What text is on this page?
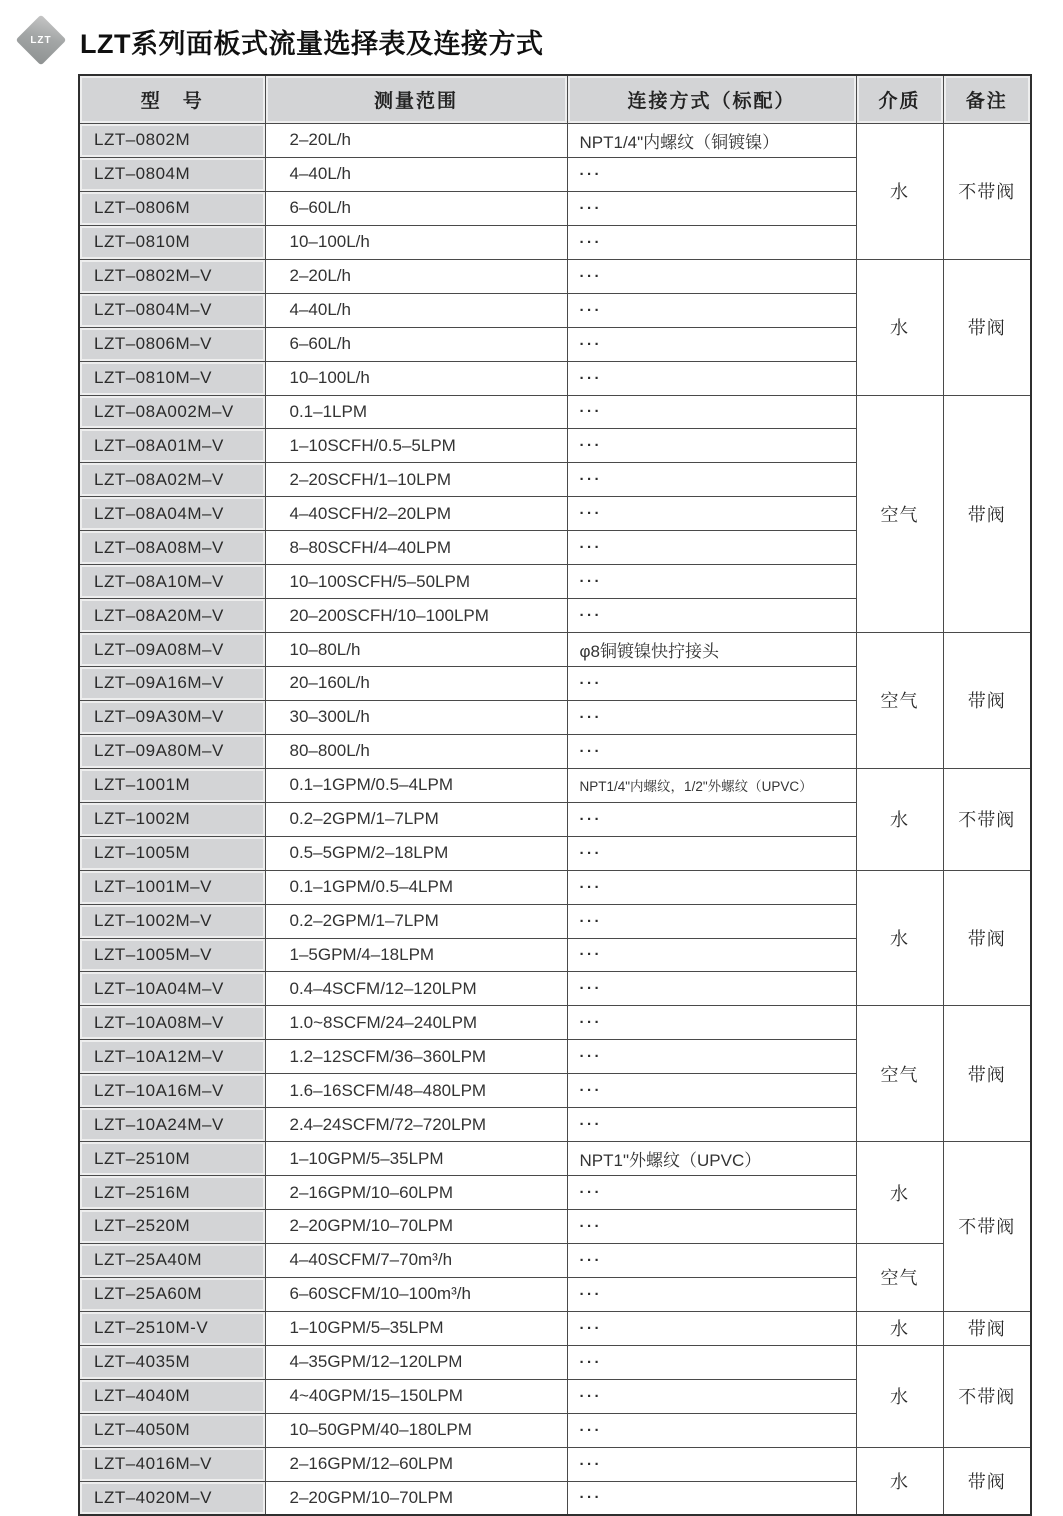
LZT	LZT系列面板式流量选择表及连接方式
型　号	测量范围	连接方式（标配）	介质	备注
LZT–0802M	2–20L/h	NPT1/4"内螺纹（铜镀镍）	水	不带阀
LZT–0804M	4–40L/h	···		
LZT–0806M	6–60L/h	···		
LZT–0810M	10–100L/h	···		
LZT–0802M–V	2–20L/h	···	水	带阀
LZT–0804M–V	4–40L/h	···		
LZT–0806M–V	6–60L/h	···		
LZT–0810M–V	10–100L/h	···		
LZT–08A002M–V	0.1–1LPM	···	空气	带阀
LZT–08A01M–V	1–10SCFH/0.5–5LPM	···		
LZT–08A02M–V	2–20SCFH/1–10LPM	···		
LZT–08A04M–V	4–40SCFH/2–20LPM	···		
LZT–08A08M–V	8–80SCFH/4–40LPM	···		
LZT–08A10M–V	10–100SCFH/5–50LPM	···		
LZT–08A20M–V	20–200SCFH/10–100LPM	···		
LZT–09A08M–V	10–80L/h	φ8铜镀镍快拧接头	空气	带阀
LZT–09A16M–V	20–160L/h	···		
LZT–09A30M–V	30–300L/h	···		
LZT–09A80M–V	80–800L/h	···		
LZT–1001M	0.1–1GPM/0.5–4LPM	NPT1/4"内螺纹，1/2"外螺纹（UPVC）	水	不带阀
LZT–1002M	0.2–2GPM/1–7LPM	···		
LZT–1005M	0.5–5GPM/2–18LPM	···		
LZT–1001M–V	0.1–1GPM/0.5–4LPM	···	水	带阀
LZT–1002M–V	0.2–2GPM/1–7LPM	···		
LZT–1005M–V	1–5GPM/4–18LPM	···		
LZT–10A04M–V	0.4–4SCFM/12–120LPM	···		
LZT–10A08M–V	1.0~8SCFM/24–240LPM	···	空气	带阀
LZT–10A12M–V	1.2–12SCFM/36–360LPM	···		
LZT–10A16M–V	1.6–16SCFM/48–480LPM	···		
LZT–10A24M–V	2.4–24SCFM/72–720LPM	···		
LZT–2510M	1–10GPM/5–35LPM	NPT1"外螺纹（UPVC）	水	不带阀
LZT–2516M	2–16GPM/10–60LPM	···		
LZT–2520M	2–20GPM/10–70LPM	···		
LZT–25A40M	4–40SCFM/7–70m³/h	···	空气	
LZT–25A60M	6–60SCFM/10–100m³/h	···		
LZT–2510M-V	1–10GPM/5–35LPM	···	水	带阀
LZT–4035M	4–35GPM/12–120LPM	···	水	不带阀
LZT–4040M	4~40GPM/15–150LPM	···		
LZT–4050M	10–50GPM/40–180LPM	···		
LZT–4016M–V	2–16GPM/12–60LPM	···	水	带阀
LZT–4020M–V	2–20GPM/10–70LPM	···		
